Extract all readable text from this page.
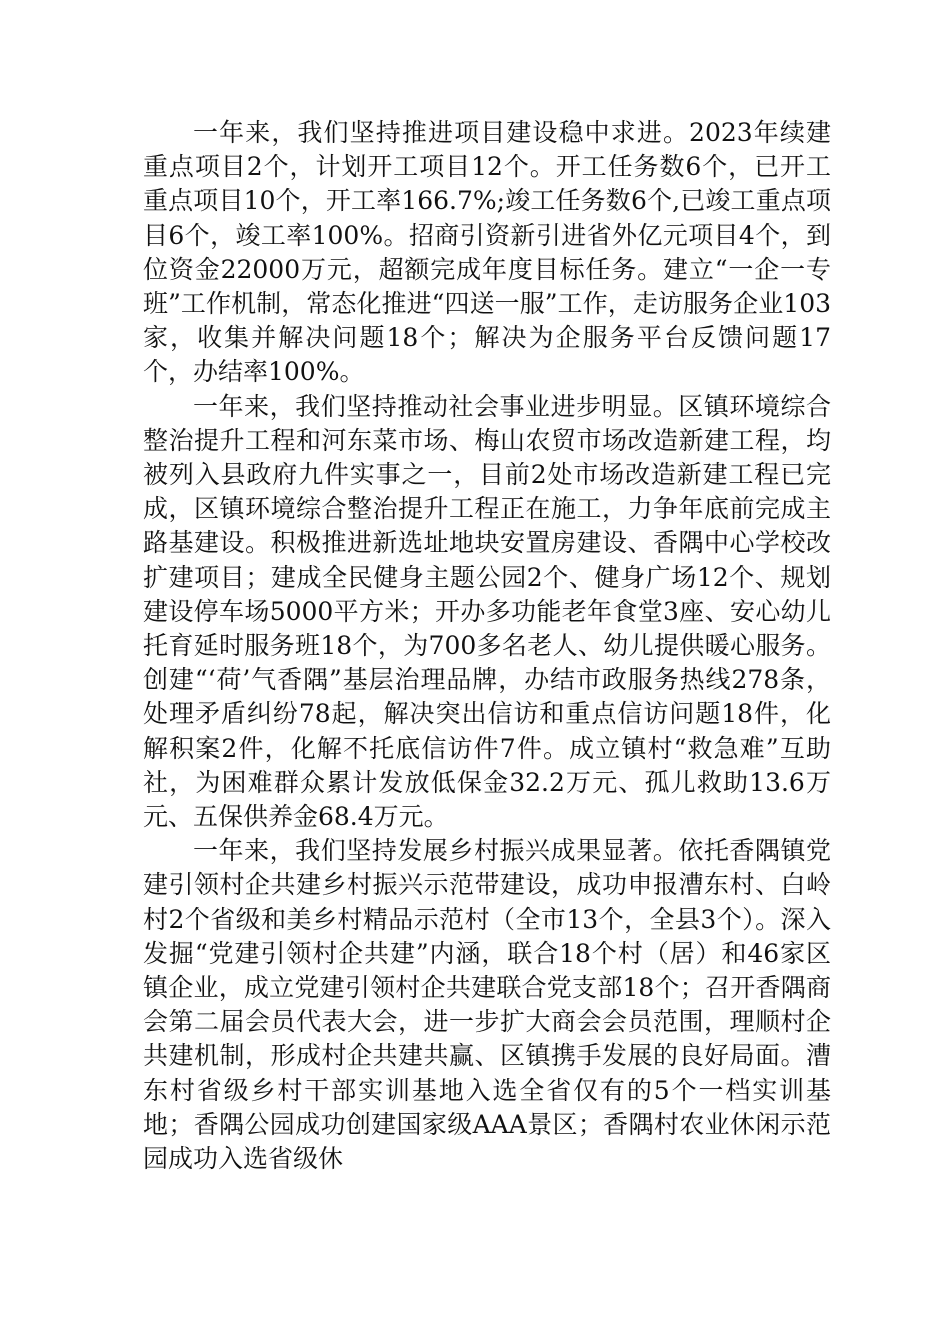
一年来，我们坚持推进项目建设稳中求进。2023年续建重点项目2个，计划开工项目12个。开工任务数6个，已开工重点项目10个，开工率166.7%;竣工任务数6个,已竣工重点项目6个，竣工率100%。招商引资新引进省外亿元项目4个，到位资金22000万元，超额完成年度目标任务。建立“一企一专班”工作机制，常态化推进“四送一服”工作，走访服务企业103家，收集并解决问题18个；解决为企服务平台反馈问题17个，办结率100%。

一年来，我们坚持推动社会事业进步明显。区镇环境综合整治提升工程和河东菜市场、梅山农贸市场改造新建工程，均被列入县政府九件实事之一，目前2处市场改造新建工程已完成，区镇环境综合整治提升工程正在施工，力争年底前完成主路基建设。积极推进新选址地块安置房建设、香隅中心学校改扩建项目；建成全民健身主题公园2个、健身广场12个、规划建设停车场5000平方米；开办多功能老年食堂3座、安心幼儿托育延时服务班18个，为700多名老人、幼儿提供暖心服务。创建“‘荷’气香隅”基层治理品牌，办结市政服务热线278条，处理矛盾纠纷78起，解决突出信访和重点信访问题18件，化解积案2件，化解不托底信访件7件。成立镇村“救急难”互助社，为困难群众累计发放低保金32.2万元、孤儿救助13.6万元、五保供养金68.4万元。

一年来，我们坚持发展乡村振兴成果显著。依托香隅镇党建引领村企共建乡村振兴示范带建设，成功申报漕东村、白岭村2个省级和美乡村精品示范村（全市13个，全县3个）。深入发掘“党建引领村企共建”内涵，联合18个村（居）和46家区镇企业，成立党建引领村企共建联合党支部18个；召开香隅商会第二届会员代表大会，进一步扩大商会会员范围，理顺村企共建机制，形成村企共建共赢、区镇携手发展的良好局面。漕东村省级乡村干部实训基地入选全省仅有的5个一档实训基地；香隅公园成功创建国家级AAA景区；香隅村农业休闲示范园成功入选省级休
